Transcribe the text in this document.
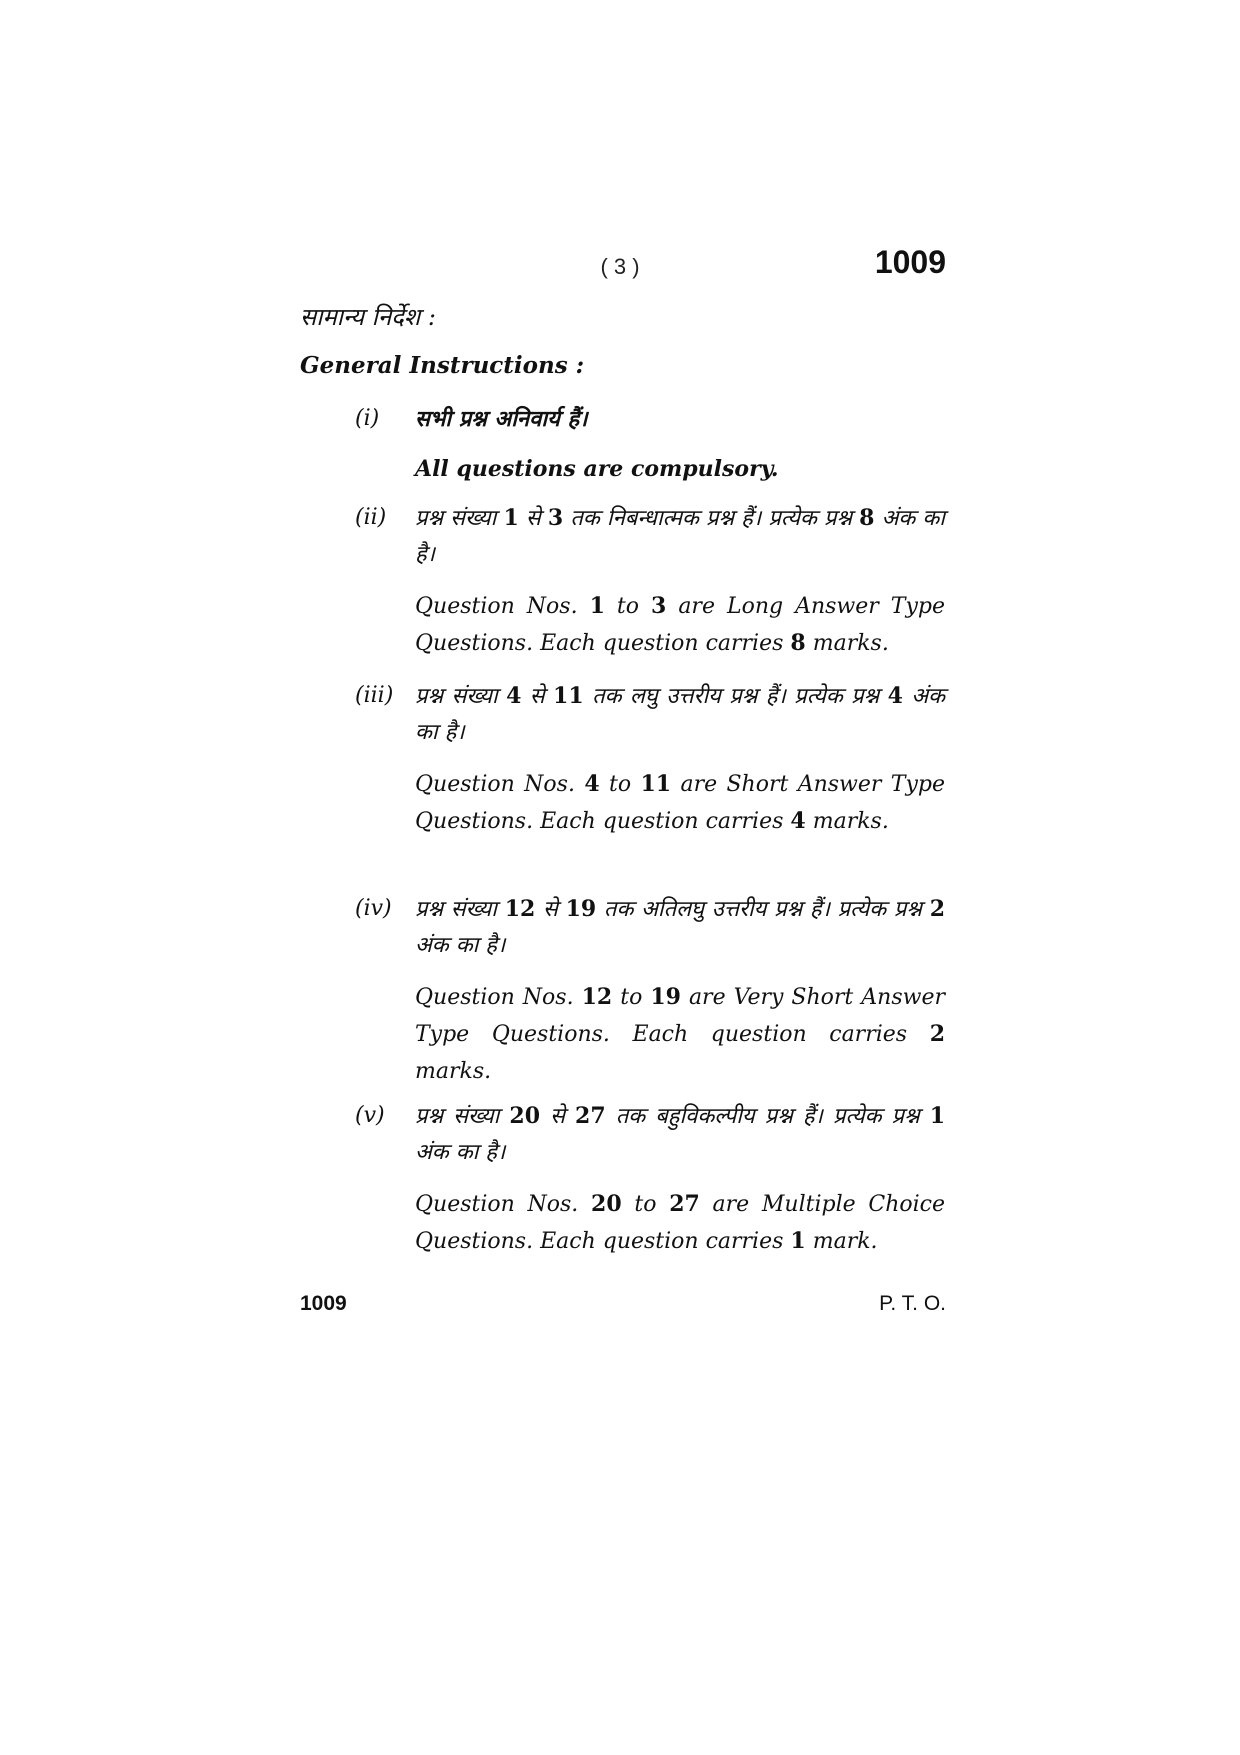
( 3 )	1009
सामान्य निर्देश :
General Instructions :
(i) सभी प्रश्न अनिवार्य हैं।
All questions are compulsory.
(ii) प्रश्न संख्या 1 से 3 तक निबन्धात्मक प्रश्न हैं। प्रत्येक प्रश्न 8 अंक का है।
Question Nos. 1 to 3 are Long Answer Type Questions. Each question carries 8 marks.
(iii) प्रश्न संख्या 4 से 11 तक लघु उत्तरीय प्रश्न हैं। प्रत्येक प्रश्न 4 अंक का है।
Question Nos. 4 to 11 are Short Answer Type Questions. Each question carries 4 marks.
(iv) प्रश्न संख्या 12 से 19 तक अतिलघु उत्तरीय प्रश्न हैं। प्रत्येक प्रश्न 2 अंक का है।
Question Nos. 12 to 19 are Very Short Answer Type Questions. Each question carries 2 marks.
(v) प्रश्न संख्या 20 से 27 तक बहुविकल्पीय प्रश्न हैं। प्रत्येक प्रश्न 1 अंक का है।
Question Nos. 20 to 27 are Multiple Choice Questions. Each question carries 1 mark.
1009	P. T. O.
